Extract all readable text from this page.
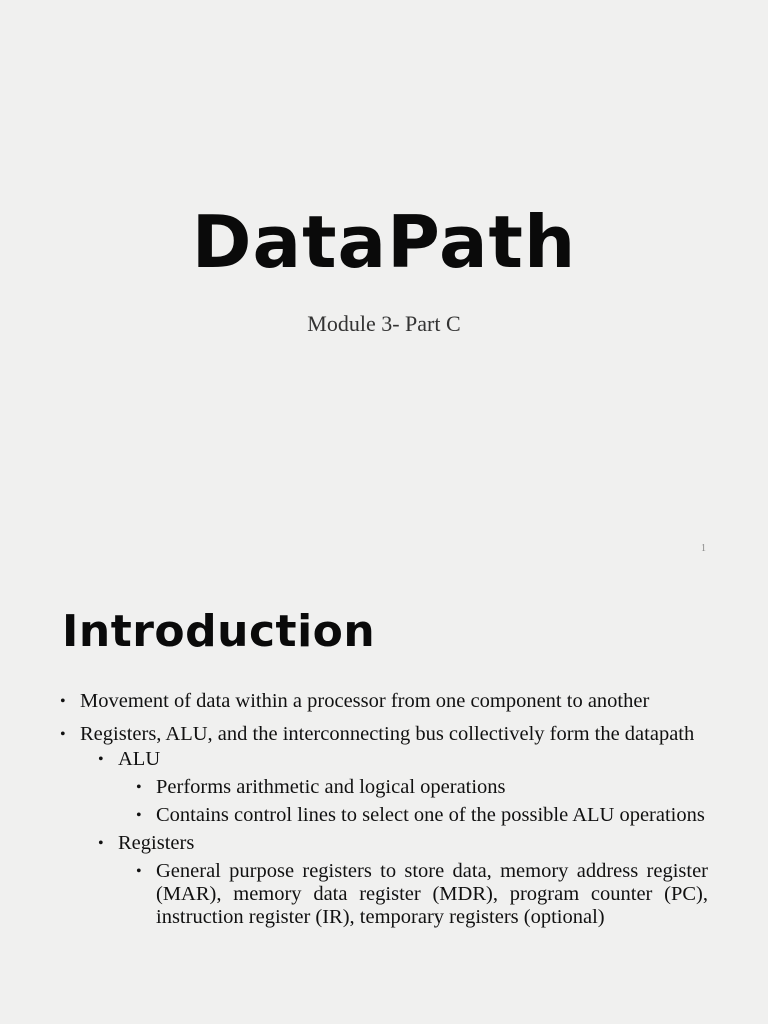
DataPath
Module 3- Part C
1
Introduction
• Movement of data within a processor from one component to another
• Registers, ALU, and the interconnecting bus collectively form the datapath
• ALU
• Performs arithmetic and logical operations
• Contains control lines to select one of the possible ALU operations
• Registers
• General purpose registers to store data, memory address register (MAR), memory data register (MDR), program counter (PC), instruction register (IR), temporary registers (optional)
